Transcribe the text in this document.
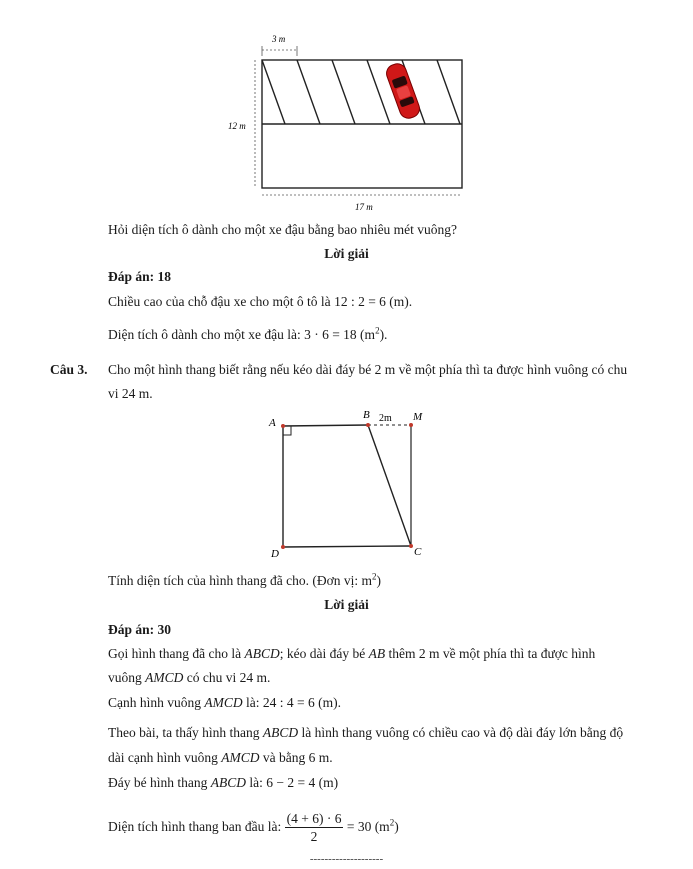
3 m
12 m
17 m
Hỏi diện tích ô dành cho một xe đậu bằng bao nhiêu mét vuông?
Lời giải
Đáp án: 18
Chiều cao của chỗ đậu xe cho một ô tô là 12 : 2 = 6 (m).
Diện tích ô dành cho một xe đậu là: 3 · 6 = 18 $(m^2)$.
Câu 3. Cho một hình thang biết rằng nếu kéo dài đáy bé 2 m về một phía thì ta được hình vuông có chu
vi 24 m.
A
B	M
C
D
2m
Tính diện tích của hình thang đã cho. (Đơn vị: $m^2$)
Lời giải
Đáp án: 30
Gọi hình thang đã cho là ABCD; kéo dài đáy bé AB thêm 2 m về một phía thì ta được hình
vuông AMCD có chu vi 24 m.
Cạnh hình vuông AMCD là: 24 : 4 = 6 (m).
Theo bài, ta thấy hình thang ABCD là hình thang vuông có chiều cao và độ dài đáy lớn bằng độ
dài cạnh hình vuông AMCD và bằng 6 m.
Đáy bé hình thang ABCD là: 6 − 2 = 4 (m)
Diện tích hình thang ban đầu là: $\frac{(4 + 6) \cdot 6}{2} = 30$ $(m^2)$
--------------------
